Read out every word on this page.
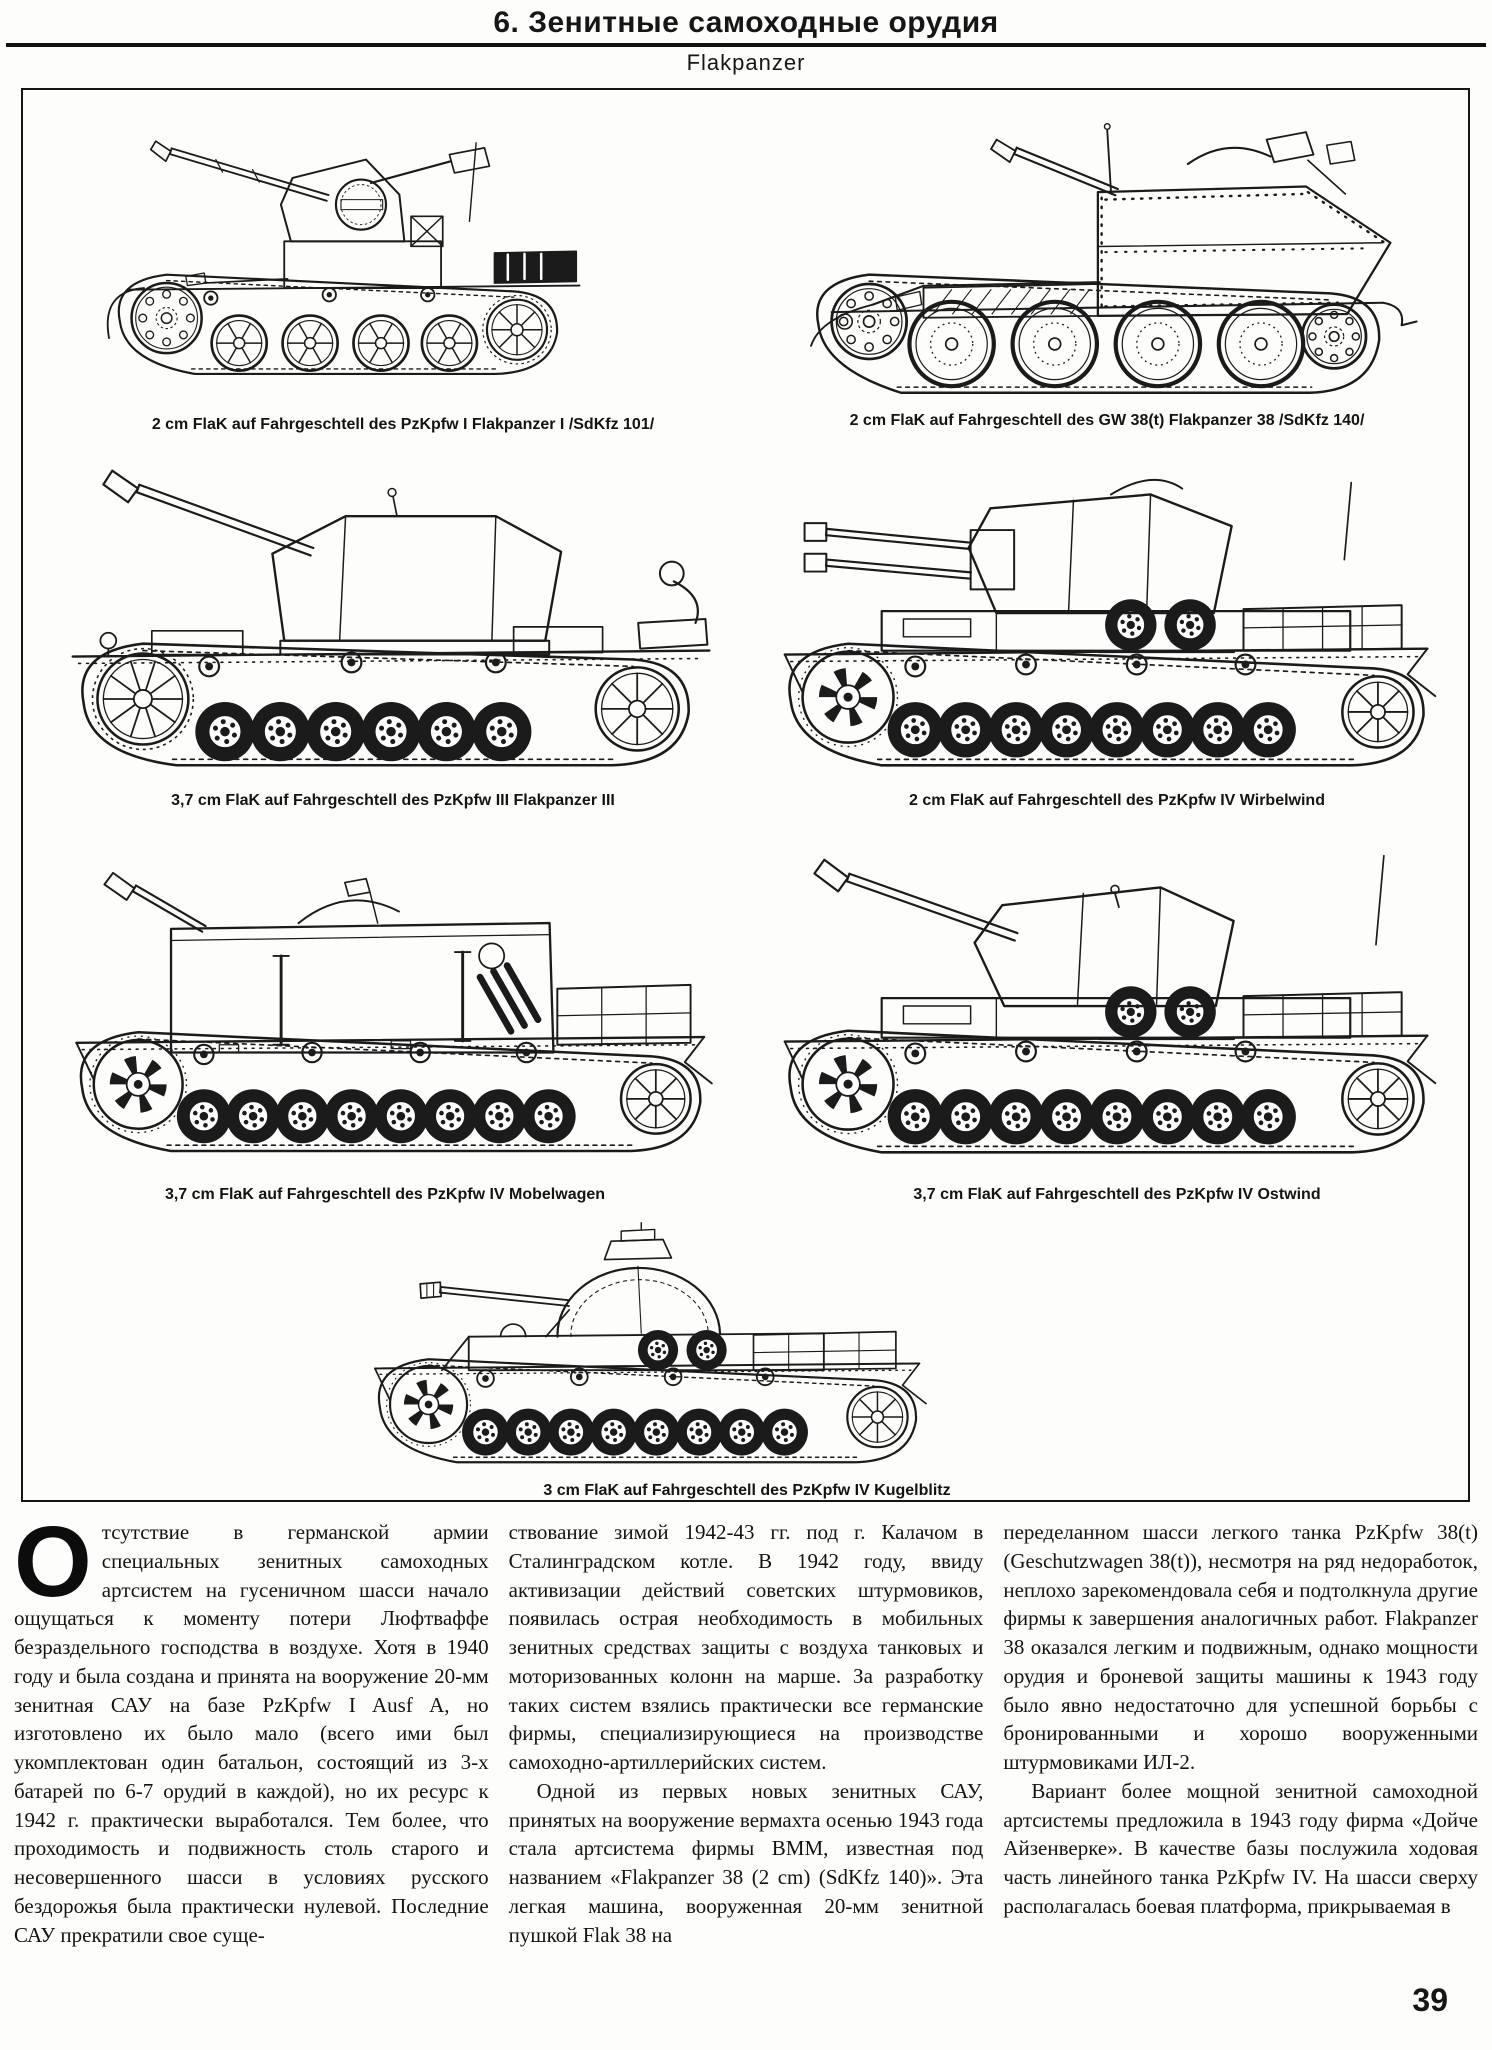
6. Зенитные самоходные орудия
Flakpanzer
2 cm FlaK auf Fahrgeschtell des PzKpfw I Flakpanzer I /SdKfz 101/	2 cm FlaK auf Fahrgeschtell des GW 38(t) Flakpanzer 38 /SdKfz 140/
3,7 cm FlaK auf Fahrgeschtell des PzKpfw III Flakpanzer III	2 cm FlaK auf Fahrgeschtell des PzKpfw IV Wirbelwind
3,7 cm FlaK auf Fahrgeschtell des PzKpfw IV Mobelwagen	3,7 cm FlaK auf Fahrgeschtell des PzKpfw IV Ostwind
3 cm FlaK auf Fahrgeschtell des PzKpfw IV Kugelblitz

Отсутствие в германской армии специальных зенитных самоходных артсистем на гусеничном шасси начало ощущаться к моменту потери Люфтваффе безраздельного господства в воздухе. Хотя в 1940 году и была создана и принята на вооружение 20-мм зенитная САУ на базе PzKpfw I Ausf A, но изготовлено их было мало (всего ими был укомплектован один батальон, состоящий из 3-х батарей по 6-7 орудий в каждой), но их ресурс к 1942 г. практически выработался. Тем более, что проходимость и подвижность столь старого и несовершенного шасси в условиях русского бездорожья была практически нулевой. Последние САУ прекратили свое суще-

ствование зимой 1942-43 гг. под г. Калачом в Сталинградском котле. В 1942 году, ввиду активизации действий советских штурмовиков, появилась острая необходимость в мобильных зенитных средствах защиты с воздуха танковых и моторизованных колонн на марше. За разработку таких систем взялись практически все германские фирмы, специализирующиеся на производстве самоходно-артиллерийских систем.

Одной из первых новых зенитных САУ, принятых на вооружение вермахта осенью 1943 года стала артсистема фирмы ВММ, известная под названием «Flakpanzer 38 (2 cm) (SdKfz 140)». Эта легкая машина, вооруженная 20-мм зенитной пушкой Flak 38 на

переделанном шасси легкого танка PzKpfw 38(t) (Geschutzwagen 38(t)), несмотря на ряд недоработок, неплохо зарекомендовала себя и подтолкнула другие фирмы к завершения аналогичных работ. Flakpanzer 38 оказался легким и подвижным, однако мощности орудия и броневой защиты машины к 1943 году было явно недостаточно для успешной борьбы с бронированными и хорошо вооруженными штурмовиками ИЛ-2.

Вариант более мощной зенитной самоходной артсистемы предложила в 1943 году фирма «Дойче Айзенверке». В качестве базы послужила ходовая часть линейного танка PzKpfw IV. На шасси сверху располагалась боевая платформа, прикрываемая в

39
